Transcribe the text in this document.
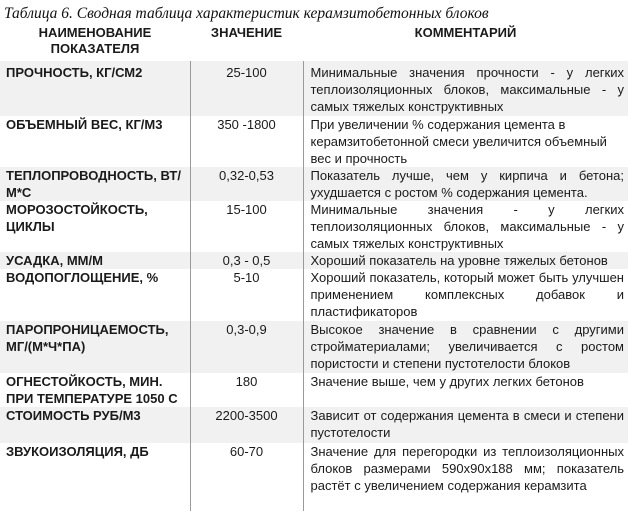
Таблица 6. Сводная таблица характеристик керамзитобетонных блоков
НАИМЕНОВАНИЕ ПОКАЗАТЕЛЯ	ЗНАЧЕНИЕ	КОММЕНТАРИЙ
ПРОЧНОСТЬ, КГ/СМ2	25-100	Минимальные значения прочности - у легких теплоизоляционных блоков, максимальные - у самых тяжелых конструктивных
ОБЪЕМНЫЙ ВЕС, КГ/М3	350 -1800	При увеличении % содержания цемента в керамзитобетонной смеси увеличится объемный вес и прочность
ТЕПЛОПРОВОДНОСТЬ, ВТ/М*С	0,32-0,53	Показатель лучше, чем у кирпича и бетона; ухудшается с ростом % содержания цемента.
МОРОЗОСТОЙКОСТЬ, ЦИКЛЫ	15-100	Минимальные значения - у легких теплоизоляционных блоков, максимальные - у самых тяжелых конструктивных
УСАДКА, ММ/М	0,3 - 0,5	Хороший показатель на уровне тяжелых бетонов
ВОДОПОГЛОЩЕНИЕ, %	5-10	Хороший показатель, который может быть улучшен применением комплексных добавок и пластификаторов
ПАРОПРОНИЦАЕМОСТЬ, МГ/(М*Ч*ПА)	0,3-0,9	Высокое значение в сравнении с другими стройматериалами; увеличивается с ростом пористости и степени пустотелости блоков
ОГНЕСТОЙКОСТЬ, МИН. ПРИ ТЕМПЕРАТУРЕ 1050 С	180	Значение выше, чем у других легких бетонов
СТОИМОСТЬ РУБ/М3	2200-3500	Зависит от содержания цемента в смеси и степени пустотелости
ЗВУКОИЗОЛЯЦИЯ, ДБ	60-70	Значение для перегородки из теплоизоляционных блоков размерами 590х90х188 мм; показатель растёт с увеличением содержания керамзита
